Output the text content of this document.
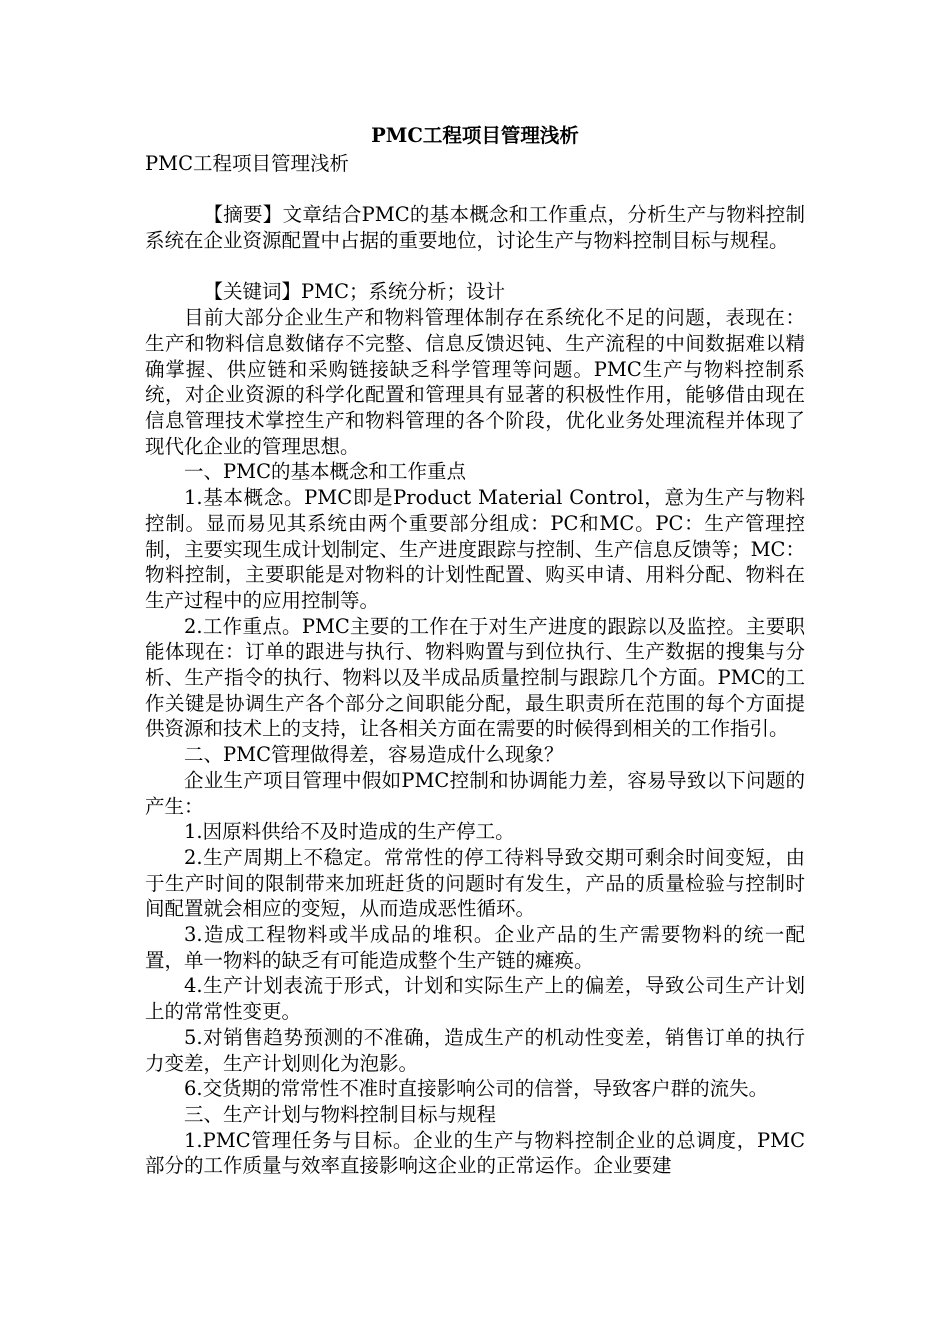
PMC工程项目管理浅析

PMC工程项目管理浅析

【摘要】文章结合PMC的基本概念和工作重点，分析生产与物料控制系统在企业资源配置中占据的重要地位，讨论生产与物料控制目标与规程。

【关键词】PMC；系统分析；设计

目前大部分企业生产和物料管理体制存在系统化不足的问题，表现在：生产和物料信息数储存不完整、信息反馈迟钝、生产流程的中间数据难以精确掌握、供应链和采购链接缺乏科学管理等问题。PMC生产与物料控制系统，对企业资源的科学化配置和管理具有显著的积极性作用，能够借由现在信息管理技术掌控生产和物料管理的各个阶段，优化业务处理流程并体现了现代化企业的管理思想。

一、PMC的基本概念和工作重点

1.基本概念。PMC即是Product Material Control，意为生产与物料控制。显而易见其系统由两个重要部分组成：PC和MC。PC：生产管理控制，主要实现生成计划制定、生产进度跟踪与控制、生产信息反馈等；MC：物料控制，主要职能是对物料的计划性配置、购买申请、用料分配、物料在生产过程中的应用控制等。

2.工作重点。PMC主要的工作在于对生产进度的跟踪以及监控。主要职能体现在：订单的跟进与执行、物料购置与到位执行、生产数据的搜集与分析、生产指令的执行、物料以及半成品质量控制与跟踪几个方面。PMC的工作关键是协调生产各个部分之间职能分配，最生职责所在范围的每个方面提供资源和技术上的支持，让各相关方面在需要的时候得到相关的工作指引。

二、PMC管理做得差，容易造成什么现象？

企业生产项目管理中假如PMC控制和协调能力差，容易导致以下问题的产生：

1.因原料供给不及时造成的生产停工。

2.生产周期上不稳定。常常性的停工待料导致交期可剩余时间变短，由于生产时间的限制带来加班赶货的问题时有发生，产品的质量检验与控制时间配置就会相应的变短，从而造成恶性循环。

3.造成工程物料或半成品的堆积。企业产品的生产需要物料的统一配置，单一物料的缺乏有可能造成整个生产链的瘫痪。

4.生产计划表流于形式，计划和实际生产上的偏差，导致公司生产计划上的常常性变更。

5.对销售趋势预测的不准确，造成生产的机动性变差，销售订单的执行力变差，生产计划则化为泡影。

6.交货期的常常性不准时直接影响公司的信誉，导致客户群的流失。

三、生产计划与物料控制目标与规程

1.PMC管理任务与目标。企业的生产与物料控制企业的总调度，PMC部分的工作质量与效率直接影响这企业的正常运作。企业要建
